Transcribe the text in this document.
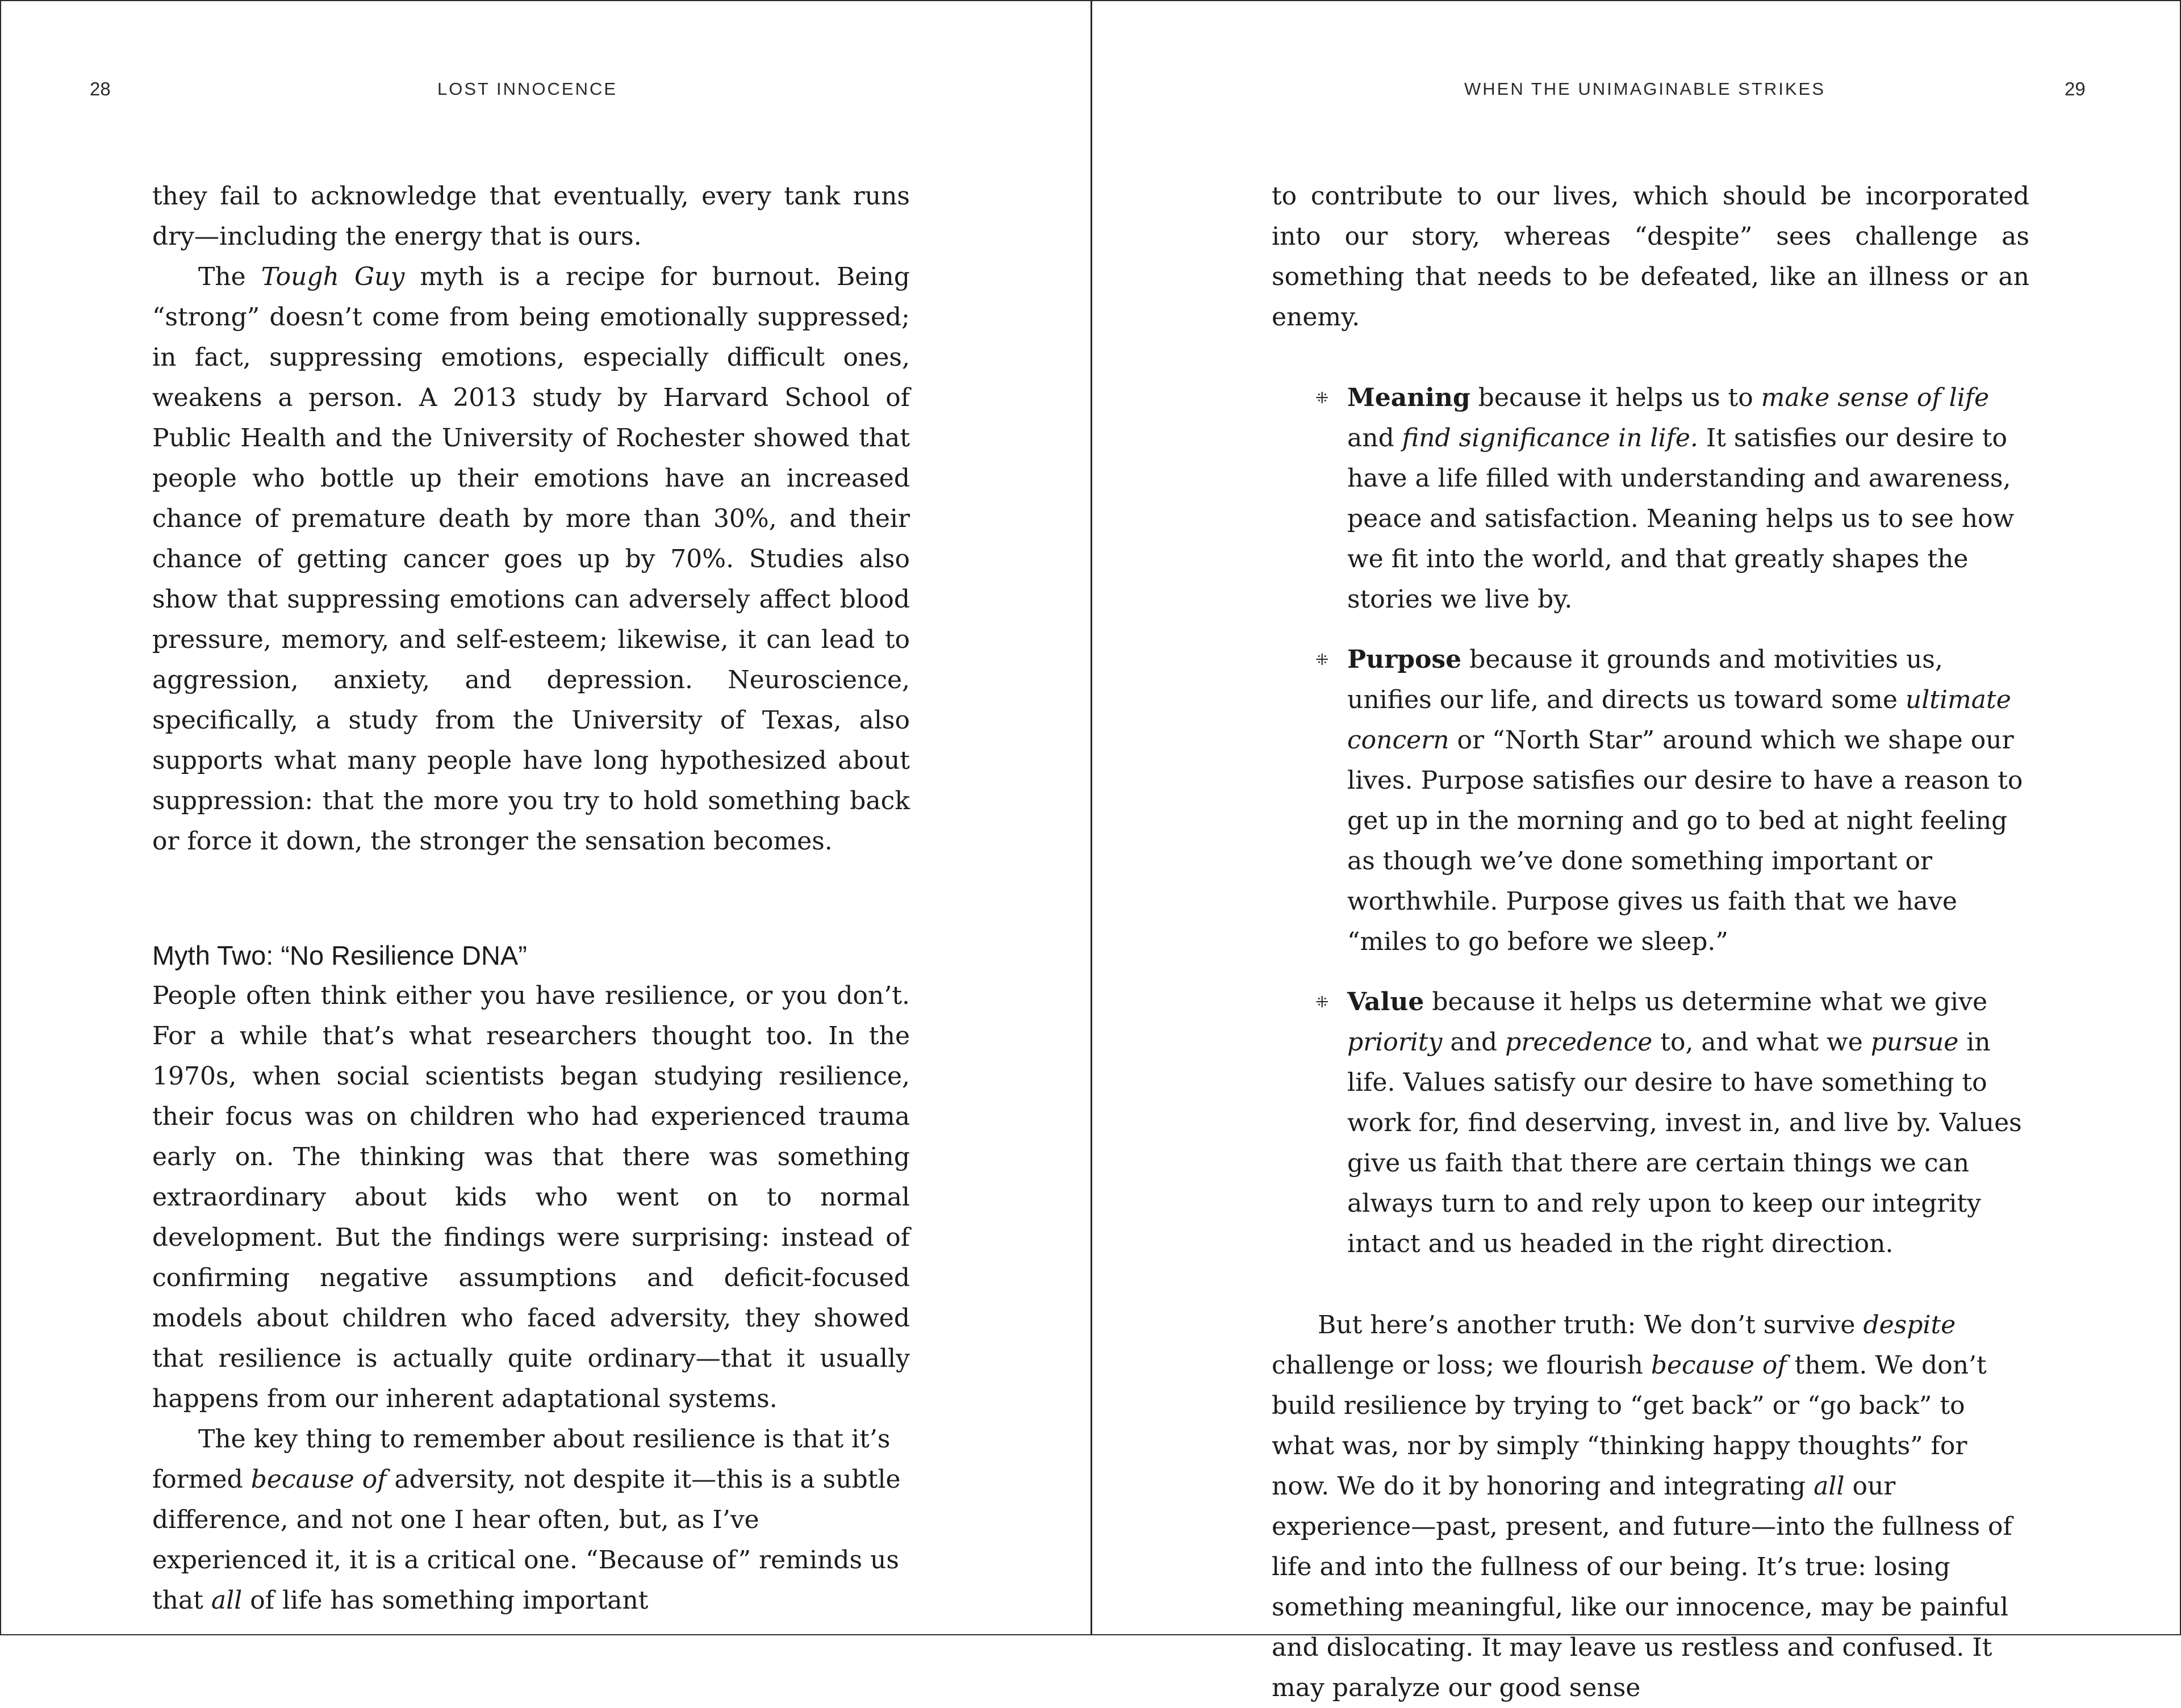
28	LOST INNOCENCE

they fail to acknowledge that eventually, every tank runs dry—including the energy that is ours.

The Tough Guy myth is a recipe for burnout. Being “strong” doesn’t come from being emotionally suppressed; in fact, suppressing emotions, especially difficult ones, weakens a person. A 2013 study by Harvard School of Public Health and the University of Rochester showed that people who bottle up their emotions have an increased chance of premature death by more than 30%, and their chance of getting cancer goes up by 70%. Studies also show that suppressing emotions can adversely affect blood pressure, memory, and self-esteem; likewise, it can lead to aggression, anxiety, and depression. Neuroscience, specifically, a study from the University of Texas, also supports what many people have long hypothesized about suppression: that the more you try to hold something back or force it down, the stronger the sensation becomes.

Myth Two: “No Resilience DNA”

People often think either you have resilience, or you don’t. For a while that’s what researchers thought too. In the 1970s, when social scientists began studying resilience, their focus was on children who had experienced trauma early on. The thinking was that there was something extraordinary about kids who went on to normal development. But the findings were surprising: instead of confirming negative assumptions and deficit-focused models about children who faced adversity, they showed that resilience is actually quite ordinary—that it usually happens from our inherent adaptational systems.

The key thing to remember about resilience is that it’s formed because of adversity, not despite it—this is a subtle difference, and not one I hear often, but, as I’ve experienced it, it is a critical one. “Because of” reminds us that all of life has something important

WHEN THE UNIMAGINABLE STRIKES	29

to contribute to our lives, which should be incorporated into our story, whereas “despite” sees challenge as something that needs to be defeated, like an illness or an enemy.

⁜ Meaning because it helps us to make sense of life and find significance in life. It satisfies our desire to have a life filled with understanding and awareness, peace and satisfaction. Meaning helps us to see how we fit into the world, and that greatly shapes the stories we live by.
⁜ Purpose because it grounds and motivities us, unifies our life, and directs us toward some ultimate concern or “North Star” around which we shape our lives. Purpose satisfies our desire to have a reason to get up in the morning and go to bed at night feeling as though we’ve done something important or worthwhile. Purpose gives us faith that we have “miles to go before we sleep.”
⁜ Value because it helps us determine what we give priority and precedence to, and what we pursue in life. Values satisfy our desire to have something to work for, find deserving, invest in, and live by. Values give us faith that there are certain things we can always turn to and rely upon to keep our integrity intact and us headed in the right direction.

But here’s another truth: We don’t survive despite challenge or loss; we flourish because of them. We don’t build resilience by trying to “get back” or “go back” to what was, nor by simply “thinking happy thoughts” for now. We do it by honoring and integrating all our experience—past, present, and future—into the fullness of life and into the fullness of our being. It’s true: losing something meaningful, like our innocence, may be painful and dislocating. It may leave us restless and confused. It may paralyze our good sense
